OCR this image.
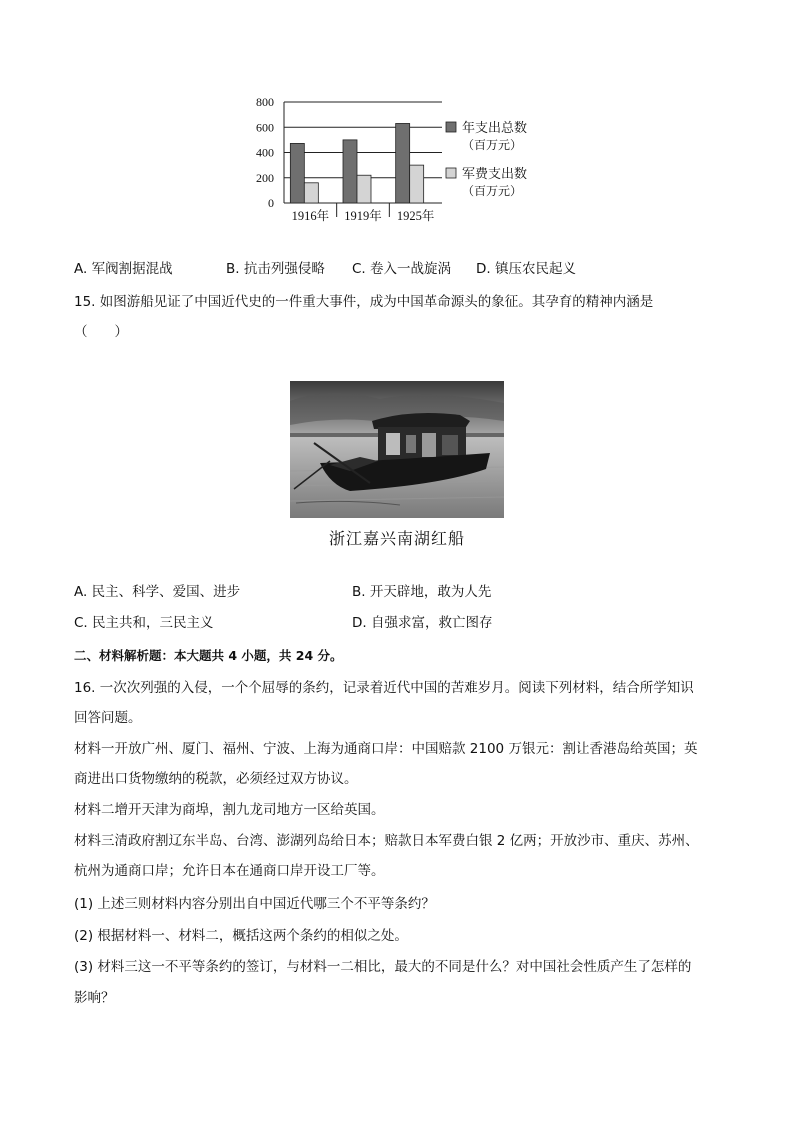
800
600
400
200
0
1916年 1919年 1925年
年支出总数
（百万元）
军费支出数
（百万元）
A. 军阀割据混战	B. 抗击列强侵略 C. 卷入一战旋涡 D. 镇压农民起义
15. 如图游船见证了中国近代史的一件重大事件，成为中国革命源头的象征。其孕育的精神内涵是
（　　）
浙江嘉兴南湖红船
A. 民主、科学、爱国、进步	B. 开天辟地，敢为人先
C. 民主共和，三民主义	D. 自强求富，救亡图存
二、材料解析题：本大题共 4 小题，共 24 分。
16. 一次次列强的入侵，一个个屈辱的条约，记录着近代中国的苦难岁月。阅读下列材料，结合所学知识
回答问题。
材料一开放广州、厦门、福州、宁波、上海为通商口岸：中国赔款 2100 万银元：割让香港岛给英国；英
商进出口货物缴纳的税款，必须经过双方协议。
材料二增开天津为商埠，割九龙司地方一区给英国。
材料三清政府割辽东半岛、台湾、澎湖列岛给日本；赔款日本军费白银 2 亿两；开放沙市、重庆、苏州、
杭州为通商口岸；允许日本在通商口岸开设工厂等。
(1) 上述三则材料内容分别出自中国近代哪三个不平等条约？
(2) 根据材料一、材料二，概括这两个条约的相似之处。
(3) 材料三这一不平等条约的签订，与材料一二相比，最大的不同是什么？对中国社会性质产生了怎样的
影响？
